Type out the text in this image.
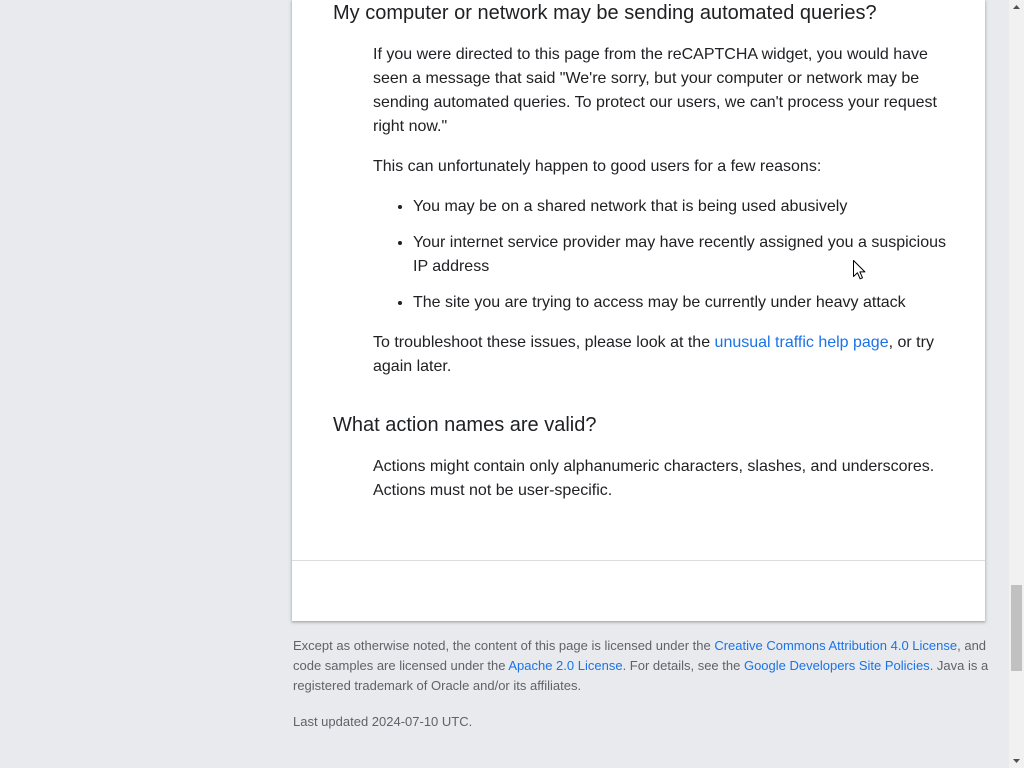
My computer or network may be sending automated queries?

If you were directed to this page from the reCAPTCHA widget, you would have seen a message that said "We're sorry, but your computer or network may be sending automated queries. To protect our users, we can't process your request right now."

This can unfortunately happen to good users for a few reasons:

• You may be on a shared network that is being used abusively
• Your internet service provider may have recently assigned you a suspicious IP address
• The site you are trying to access may be currently under heavy attack

To troubleshoot these issues, please look at the unusual traffic help page, or try again later.

What action names are valid?

Actions might contain only alphanumeric characters, slashes, and underscores. Actions must not be user-specific.

Except as otherwise noted, the content of this page is licensed under the Creative Commons Attribution 4.0 License, and code samples are licensed under the Apache 2.0 License. For details, see the Google Developers Site Policies. Java is a registered trademark of Oracle and/or its affiliates.

Last updated 2024-07-10 UTC.
